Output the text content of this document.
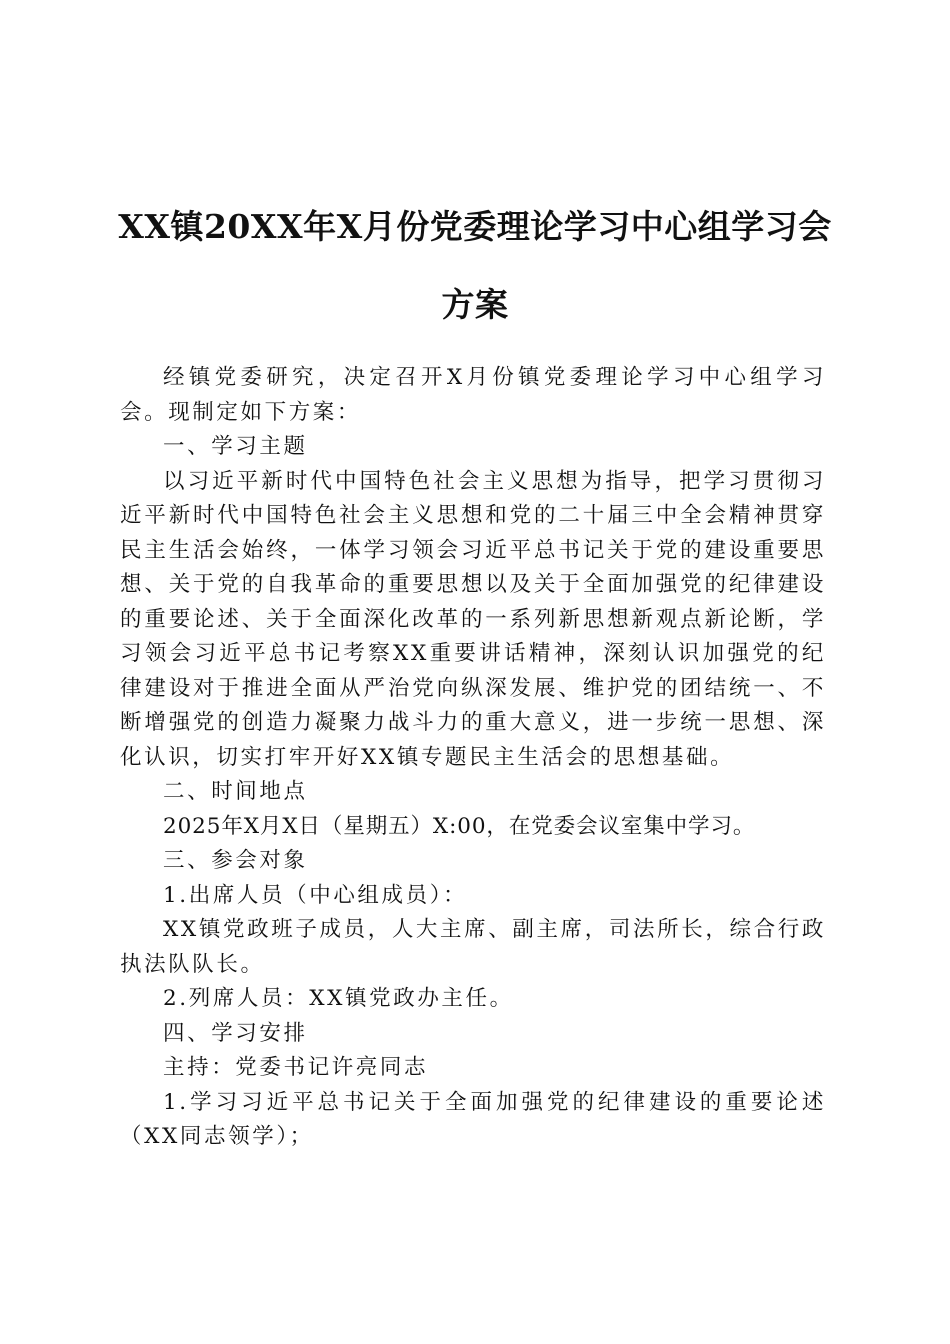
XX镇20XX年X月份党委理论学习中心组学习会方案

经镇党委研究，决定召开X月份镇党委理论学习中心组学习会。现制定如下方案：

一、学习主题

以习近平新时代中国特色社会主义思想为指导，把学习贯彻习近平新时代中国特色社会主义思想和党的二十届三中全会精神贯穿民主生活会始终，一体学习领会习近平总书记关于党的建设重要思想、关于党的自我革命的重要思想以及关于全面加强党的纪律建设的重要论述、关于全面深化改革的一系列新思想新观点新论断，学习领会习近平总书记考察XX重要讲话精神，深刻认识加强党的纪律建设对于推进全面从严治党向纵深发展、维护党的团结统一、不断增强党的创造力凝聚力战斗力的重大意义，进一步统一思想、深化认识，切实打牢开好XX镇专题民主生活会的思想基础。

二、时间地点

2025年X月X日（星期五）X:00，在党委会议室集中学习。

三、参会对象

1.出席人员（中心组成员）：

XX镇党政班子成员，人大主席、副主席，司法所长，综合行政执法队队长。

2.列席人员：XX镇党政办主任。

四、学习安排

主持：党委书记许亮同志

1.学习习近平总书记关于全面加强党的纪律建设的重要论述（XX同志领学）；
